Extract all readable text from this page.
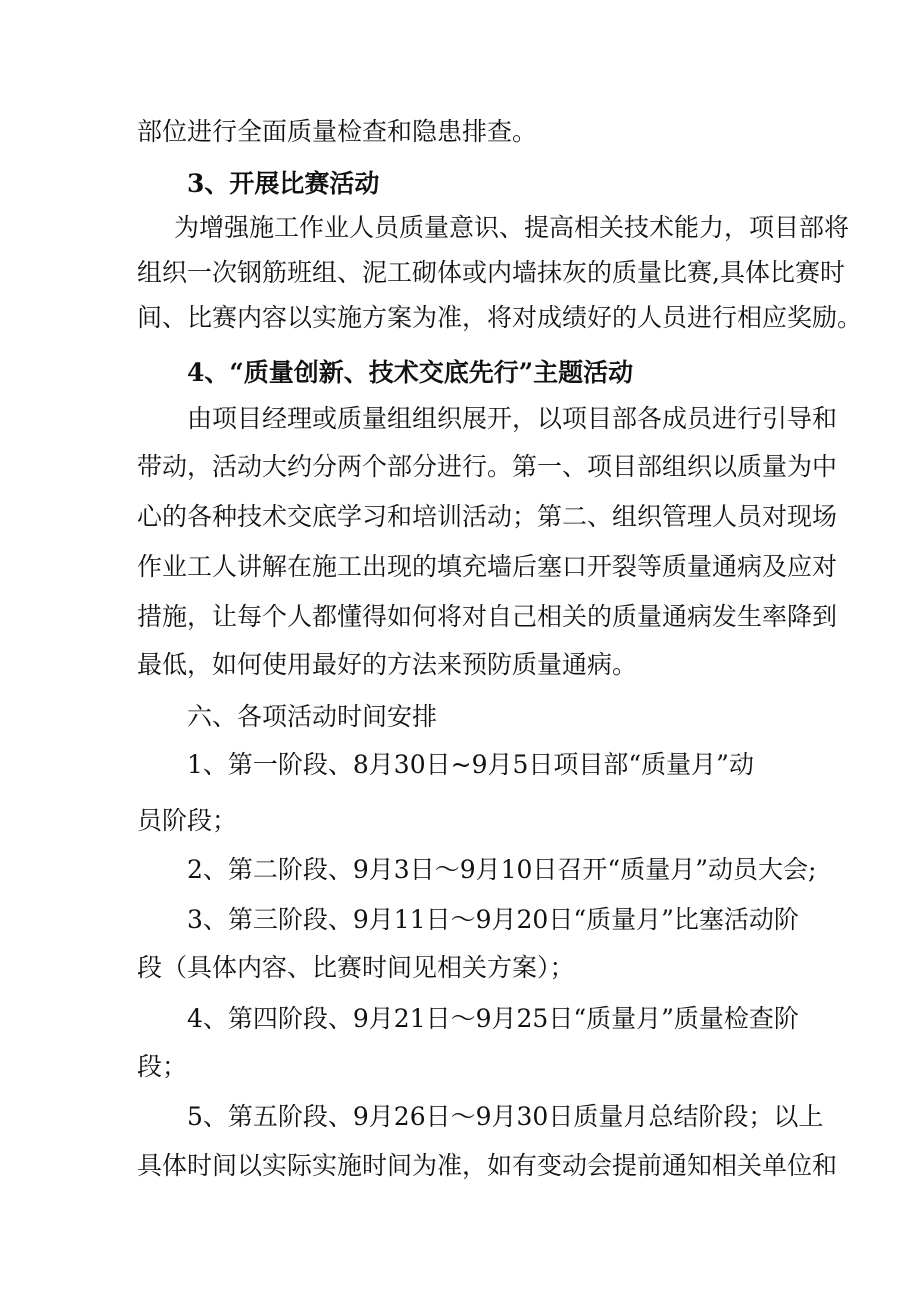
部位进行全面质量检查和隐患排查。
3、开展比赛活动
为增强施工作业人员质量意识、提高相关技术能力，项目部将
组织一次钢筋班组、泥工砌体或内墙抹灰的质量比赛,具体比赛时
间、比赛内容以实施方案为准，将对成绩好的人员进行相应奖励。
4、“质量创新、技术交底先行”主题活动
由项目经理或质量组组织展开，以项目部各成员进行引导和
带动，活动大约分两个部分进行。第一、项目部组织以质量为中
心的各种技术交底学习和培训活动；第二、组织管理人员对现场
作业工人讲解在施工出现的填充墙后塞口开裂等质量通病及应对
措施，让每个人都懂得如何将对自己相关的质量通病发生率降到
最低，如何使用最好的方法来预防质量通病。
六、各项活动时间安排
1、第一阶段、8月30日~9月5日项目部“质量月”动
员阶段；
2、第二阶段、9月3日～9月10日召开“质量月”动员大会;
3、第三阶段、9月11日～9月20日“质量月”比塞活动阶
段（具体内容、比赛时间见相关方案）；
4、第四阶段、9月21日～9月25日“质量月”质量检查阶
段；
5、第五阶段、9月26日～9月30日质量月总结阶段；以上
具体时间以实际实施时间为准，如有变动会提前通知相关单位和
